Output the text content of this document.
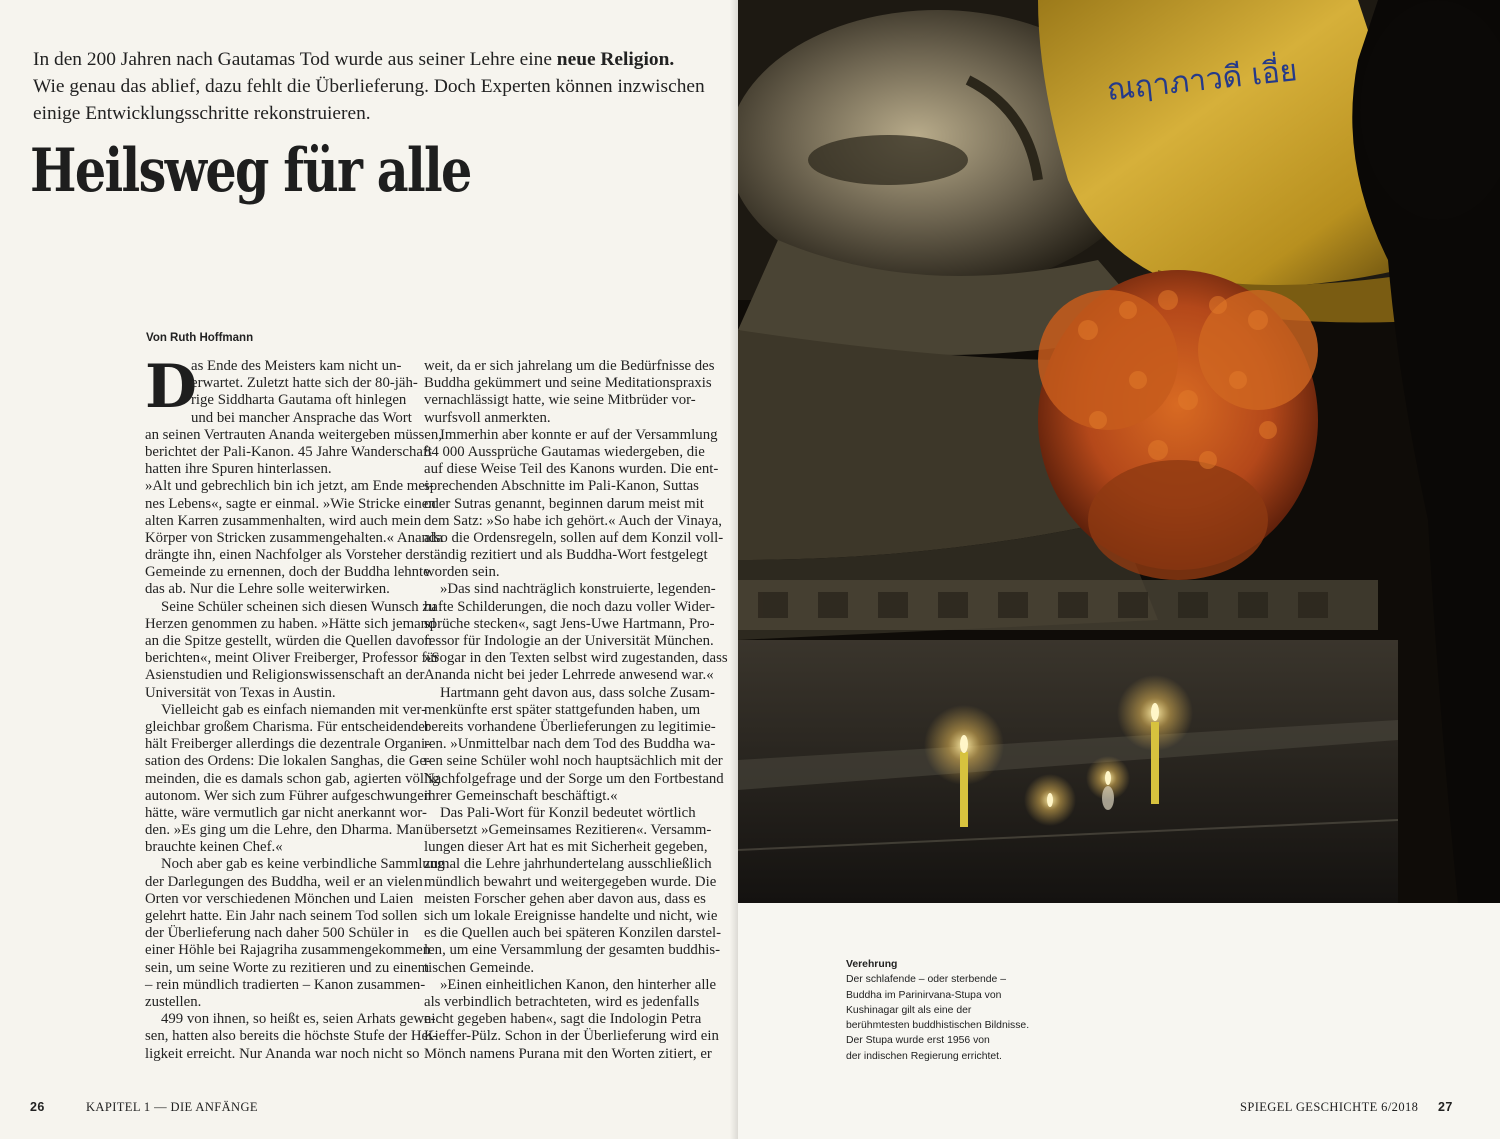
In den 200 Jahren nach Gautamas Tod wurde aus seiner Lehre eine neue Religion.
Wie genau das ablief, dazu fehlt die Überlieferung. Doch Experten können inzwischen
einige Entwicklungsschritte rekonstruieren.
Heilsweg für alle
Von Ruth Hoffmann
D
as Ende des Meisters kam nicht un-
erwartet. Zuletzt hatte sich der 80-jäh-
rige Siddharta Gautama oft hinlegen
und bei mancher Ansprache das Wort
an seinen Vertrauten Ananda weitergeben müssen,
berichtet der Pali-Kanon. 45 Jahre Wanderschaft
hatten ihre Spuren hinterlassen.
»Alt und gebrechlich bin ich jetzt, am Ende mei-
nes Lebens«, sagte er einmal. »Wie Stricke einen
alten Karren zusammenhalten, wird auch mein
Körper von Stricken zusammengehalten.« Ananda
drängte ihn, einen Nachfolger als Vorsteher der
Gemeinde zu ernennen, doch der Buddha lehnte
das ab. Nur die Lehre solle weiterwirken.
Seine Schüler scheinen sich diesen Wunsch zu
Herzen genommen zu haben. »Hätte sich jemand
an die Spitze gestellt, würden die Quellen davon
berichten«, meint Oliver Freiberger, Professor für
Asienstudien und Religionswissenschaft an der
Universität von Texas in Austin.
Vielleicht gab es einfach niemanden mit ver-
gleichbar großem Charisma. Für entscheidender
hält Freiberger allerdings die dezentrale Organi-
sation des Ordens: Die lokalen Sanghas, die Ge-
meinden, die es damals schon gab, agierten völlig
autonom. Wer sich zum Führer aufgeschwungen
hätte, wäre vermutlich gar nicht anerkannt wor-
den. »Es ging um die Lehre, den Dharma. Man
brauchte keinen Chef.«
Noch aber gab es keine verbindliche Sammlung
der Darlegungen des Buddha, weil er an vielen
Orten vor verschiedenen Mönchen und Laien
gelehrt hatte. Ein Jahr nach seinem Tod sollen
der Überlieferung nach daher 500 Schüler in
einer Höhle bei Rajagriha zusammengekommen
sein, um seine Worte zu rezitieren und zu einem
– rein mündlich tradierten – Kanon zusammen-
zustellen.
499 von ihnen, so heißt es, seien Arhats gewe-
sen, hatten also bereits die höchste Stufe der Hei-
ligkeit erreicht. Nur Ananda war noch nicht so
weit, da er sich jahrelang um die Bedürfnisse des
Buddha gekümmert und seine Meditationspraxis
vernachlässigt hatte, wie seine Mitbrüder vor-
wurfsvoll anmerkten.
Immerhin aber konnte er auf der Versammlung
84 000 Aussprüche Gautamas wiedergeben, die
auf diese Weise Teil des Kanons wurden. Die ent-
sprechenden Abschnitte im Pali-Kanon, Suttas
oder Sutras genannt, beginnen darum meist mit
dem Satz: »So habe ich gehört.« Auch der Vinaya,
also die Ordensregeln, sollen auf dem Konzil voll-
ständig rezitiert und als Buddha-Wort festgelegt
worden sein.
»Das sind nachträglich konstruierte, legenden-
hafte Schilderungen, die noch dazu voller Wider-
sprüche stecken«, sagt Jens-Uwe Hartmann, Pro-
fessor für Indologie an der Universität München.
»Sogar in den Texten selbst wird zugestanden, dass
Ananda nicht bei jeder Lehrrede anwesend war.«
Hartmann geht davon aus, dass solche Zusam-
menkünfte erst später stattgefunden haben, um
bereits vorhandene Überlieferungen zu legitimie-
ren. »Unmittelbar nach dem Tod des Buddha wa-
ren seine Schüler wohl noch hauptsächlich mit der
Nachfolgefrage und der Sorge um den Fortbestand
ihrer Gemeinschaft beschäftigt.«
Das Pali-Wort für Konzil bedeutet wörtlich
übersetzt »Gemeinsames Rezitieren«. Versamm-
lungen dieser Art hat es mit Sicherheit gegeben,
zumal die Lehre jahrhundertelang ausschließlich
mündlich bewahrt und weitergegeben wurde. Die
meisten Forscher gehen aber davon aus, dass es
sich um lokale Ereignisse handelte und nicht, wie
es die Quellen auch bei späteren Konzilen darstel-
len, um eine Versammlung der gesamten buddhis-
tischen Gemeinde.
»Einen einheitlichen Kanon, den hinterher alle
als verbindlich betrachteten, wird es jedenfalls
nicht gegeben haben«, sagt die Indologin Petra
Kieffer-Pülz. Schon in der Überlieferung wird ein
Mönch namens Purana mit den Worten zitiert, er
26	KAPITEL 1 — DIE ANFÄNGE
ณฤาภาวดี เอี่ย
Verehrung
Der schlafende – oder sterbende –
Buddha im Parinirvana-Stupa von
Kushinagar gilt als eine der
berühmtesten buddhistischen Bildnisse.
Der Stupa wurde erst 1956 von
der indischen Regierung errichtet.
SPIEGEL GESCHICHTE 6/2018 27
